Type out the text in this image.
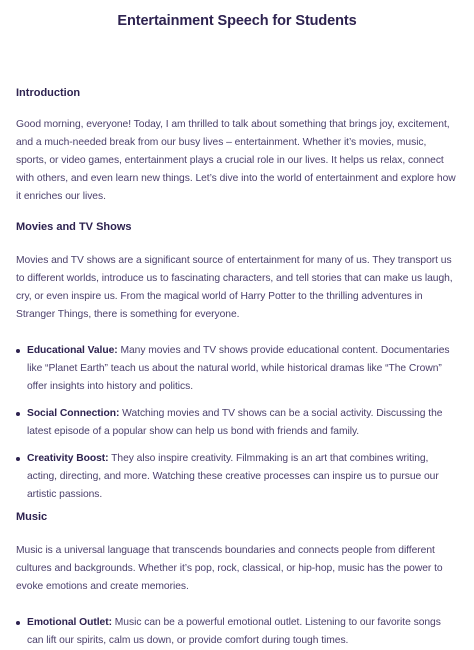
Entertainment Speech for Students
Introduction

Good morning, everyone! Today, I am thrilled to talk about something that brings joy, excitement, and a much-needed break from our busy lives – entertainment. Whether it’s movies, music, sports, or video games, entertainment plays a crucial role in our lives. It helps us relax, connect with others, and even learn new things. Let’s dive into the world of entertainment and explore how it enriches our lives.

Movies and TV Shows

Movies and TV shows are a significant source of entertainment for many of us. They transport us to different worlds, introduce us to fascinating characters, and tell stories that can make us laugh, cry, or even inspire us. From the magical world of Harry Potter to the thrilling adventures in Stranger Things, there is something for everyone.

Educational Value: Many movies and TV shows provide educational content. Documentaries like “Planet Earth” teach us about the natural world, while historical dramas like “The Crown” offer insights into history and politics.
Social Connection: Watching movies and TV shows can be a social activity. Discussing the latest episode of a popular show can help us bond with friends and family.
Creativity Boost: They also inspire creativity. Filmmaking is an art that combines writing, acting, directing, and more. Watching these creative processes can inspire us to pursue our artistic passions.
Music

Music is a universal language that transcends boundaries and connects people from different cultures and backgrounds. Whether it’s pop, rock, classical, or hip-hop, music has the power to evoke emotions and create memories.

Emotional Outlet: Music can be a powerful emotional outlet. Listening to our favorite songs can lift our spirits, calm us down, or provide comfort during tough times.
